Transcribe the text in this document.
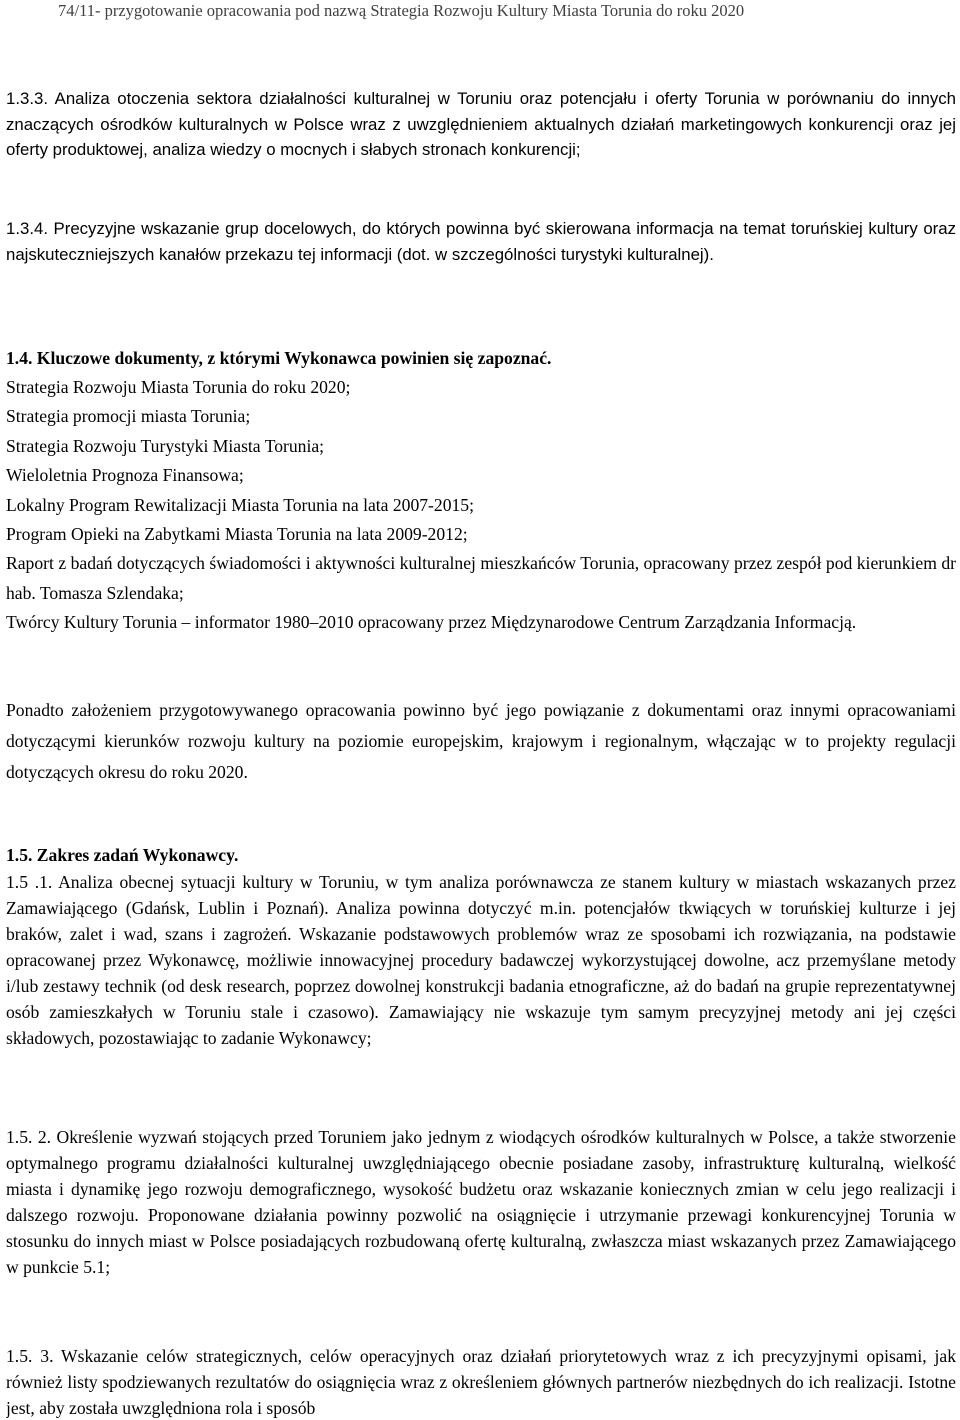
74/11- przygotowanie opracowania pod nazwą Strategia Rozwoju Kultury Miasta Torunia do roku 2020
1.3.3. Analiza otoczenia sektora działalności kulturalnej w Toruniu oraz potencjału i oferty Torunia w porównaniu do innych znaczących ośrodków kulturalnych w Polsce wraz z uwzględnieniem aktualnych działań marketingowych konkurencji oraz jej oferty produktowej, analiza wiedzy o mocnych i słabych stronach konkurencji;
1.3.4. Precyzyjne wskazanie grup docelowych, do których powinna być skierowana informacja na temat toruńskiej kultury oraz najskuteczniejszych kanałów przekazu tej informacji (dot. w szczególności turystyki kulturalnej).
1.4. Kluczowe dokumenty, z którymi Wykonawca powinien się zapoznać.
Strategia Rozwoju Miasta Torunia do roku 2020;
Strategia promocji miasta Torunia;
Strategia Rozwoju Turystyki Miasta Torunia;
Wieloletnia Prognoza Finansowa;
Lokalny Program Rewitalizacji Miasta Torunia na lata 2007-2015;
Program Opieki na Zabytkami Miasta Torunia na lata 2009-2012;
Raport z badań dotyczących świadomości i aktywności kulturalnej mieszkańców Torunia, opracowany przez zespół pod kierunkiem dr hab. Tomasza Szlendaka;
Twórcy Kultury Torunia – informator 1980–2010 opracowany przez Międzynarodowe Centrum Zarządzania Informacją.
Ponadto założeniem przygotowywanego opracowania powinno być jego powiązanie z dokumentami oraz innymi opracowaniami dotyczącymi kierunków rozwoju kultury na poziomie europejskim, krajowym i regionalnym, włączając w to projekty regulacji dotyczących okresu do roku 2020.
1.5. Zakres zadań Wykonawcy.
1.5 .1. Analiza obecnej sytuacji kultury w Toruniu, w tym analiza porównawcza ze stanem kultury w miastach wskazanych przez Zamawiającego (Gdańsk, Lublin i Poznań). Analiza powinna dotyczyć m.in. potencjałów tkwiących w toruńskiej kulturze i jej braków, zalet i wad, szans i zagrożeń. Wskazanie podstawowych problemów wraz ze sposobami ich rozwiązania, na podstawie opracowanej przez Wykonawcę, możliwie innowacyjnej procedury badawczej wykorzystującej dowolne, acz przemyślane metody i/lub zestawy technik (od desk research, poprzez dowolnej konstrukcji badania etnograficzne, aż do badań na grupie reprezentatywnej osób zamieszkałych w Toruniu stale i czasowo). Zamawiający nie wskazuje tym samym precyzyjnej metody ani jej części składowych, pozostawiając to zadanie Wykonawcy;
1.5. 2. Określenie wyzwań stojących przed Toruniem jako jednym z wiodących ośrodków kulturalnych w Polsce, a także stworzenie optymalnego programu działalności kulturalnej uwzględniającego obecnie posiadane zasoby, infrastrukturę kulturalną, wielkość miasta i dynamikę jego rozwoju demograficznego, wysokość budżetu oraz wskazanie koniecznych zmian w celu jego realizacji i dalszego rozwoju. Proponowane działania powinny pozwolić na osiągnięcie i utrzymanie przewagi konkurencyjnej Torunia w stosunku do innych miast w Polsce posiadających rozbudowaną ofertę kulturalną, zwłaszcza miast wskazanych przez Zamawiającego w punkcie 5.1;
1.5. 3. Wskazanie celów strategicznych, celów operacyjnych oraz działań priorytetowych wraz z ich precyzyjnymi opisami, jak również listy spodziewanych rezultatów do osiągnięcia wraz z określeniem głównych partnerów niezbędnych do ich realizacji. Istotne jest, aby została uwzględniona rola i sposób
